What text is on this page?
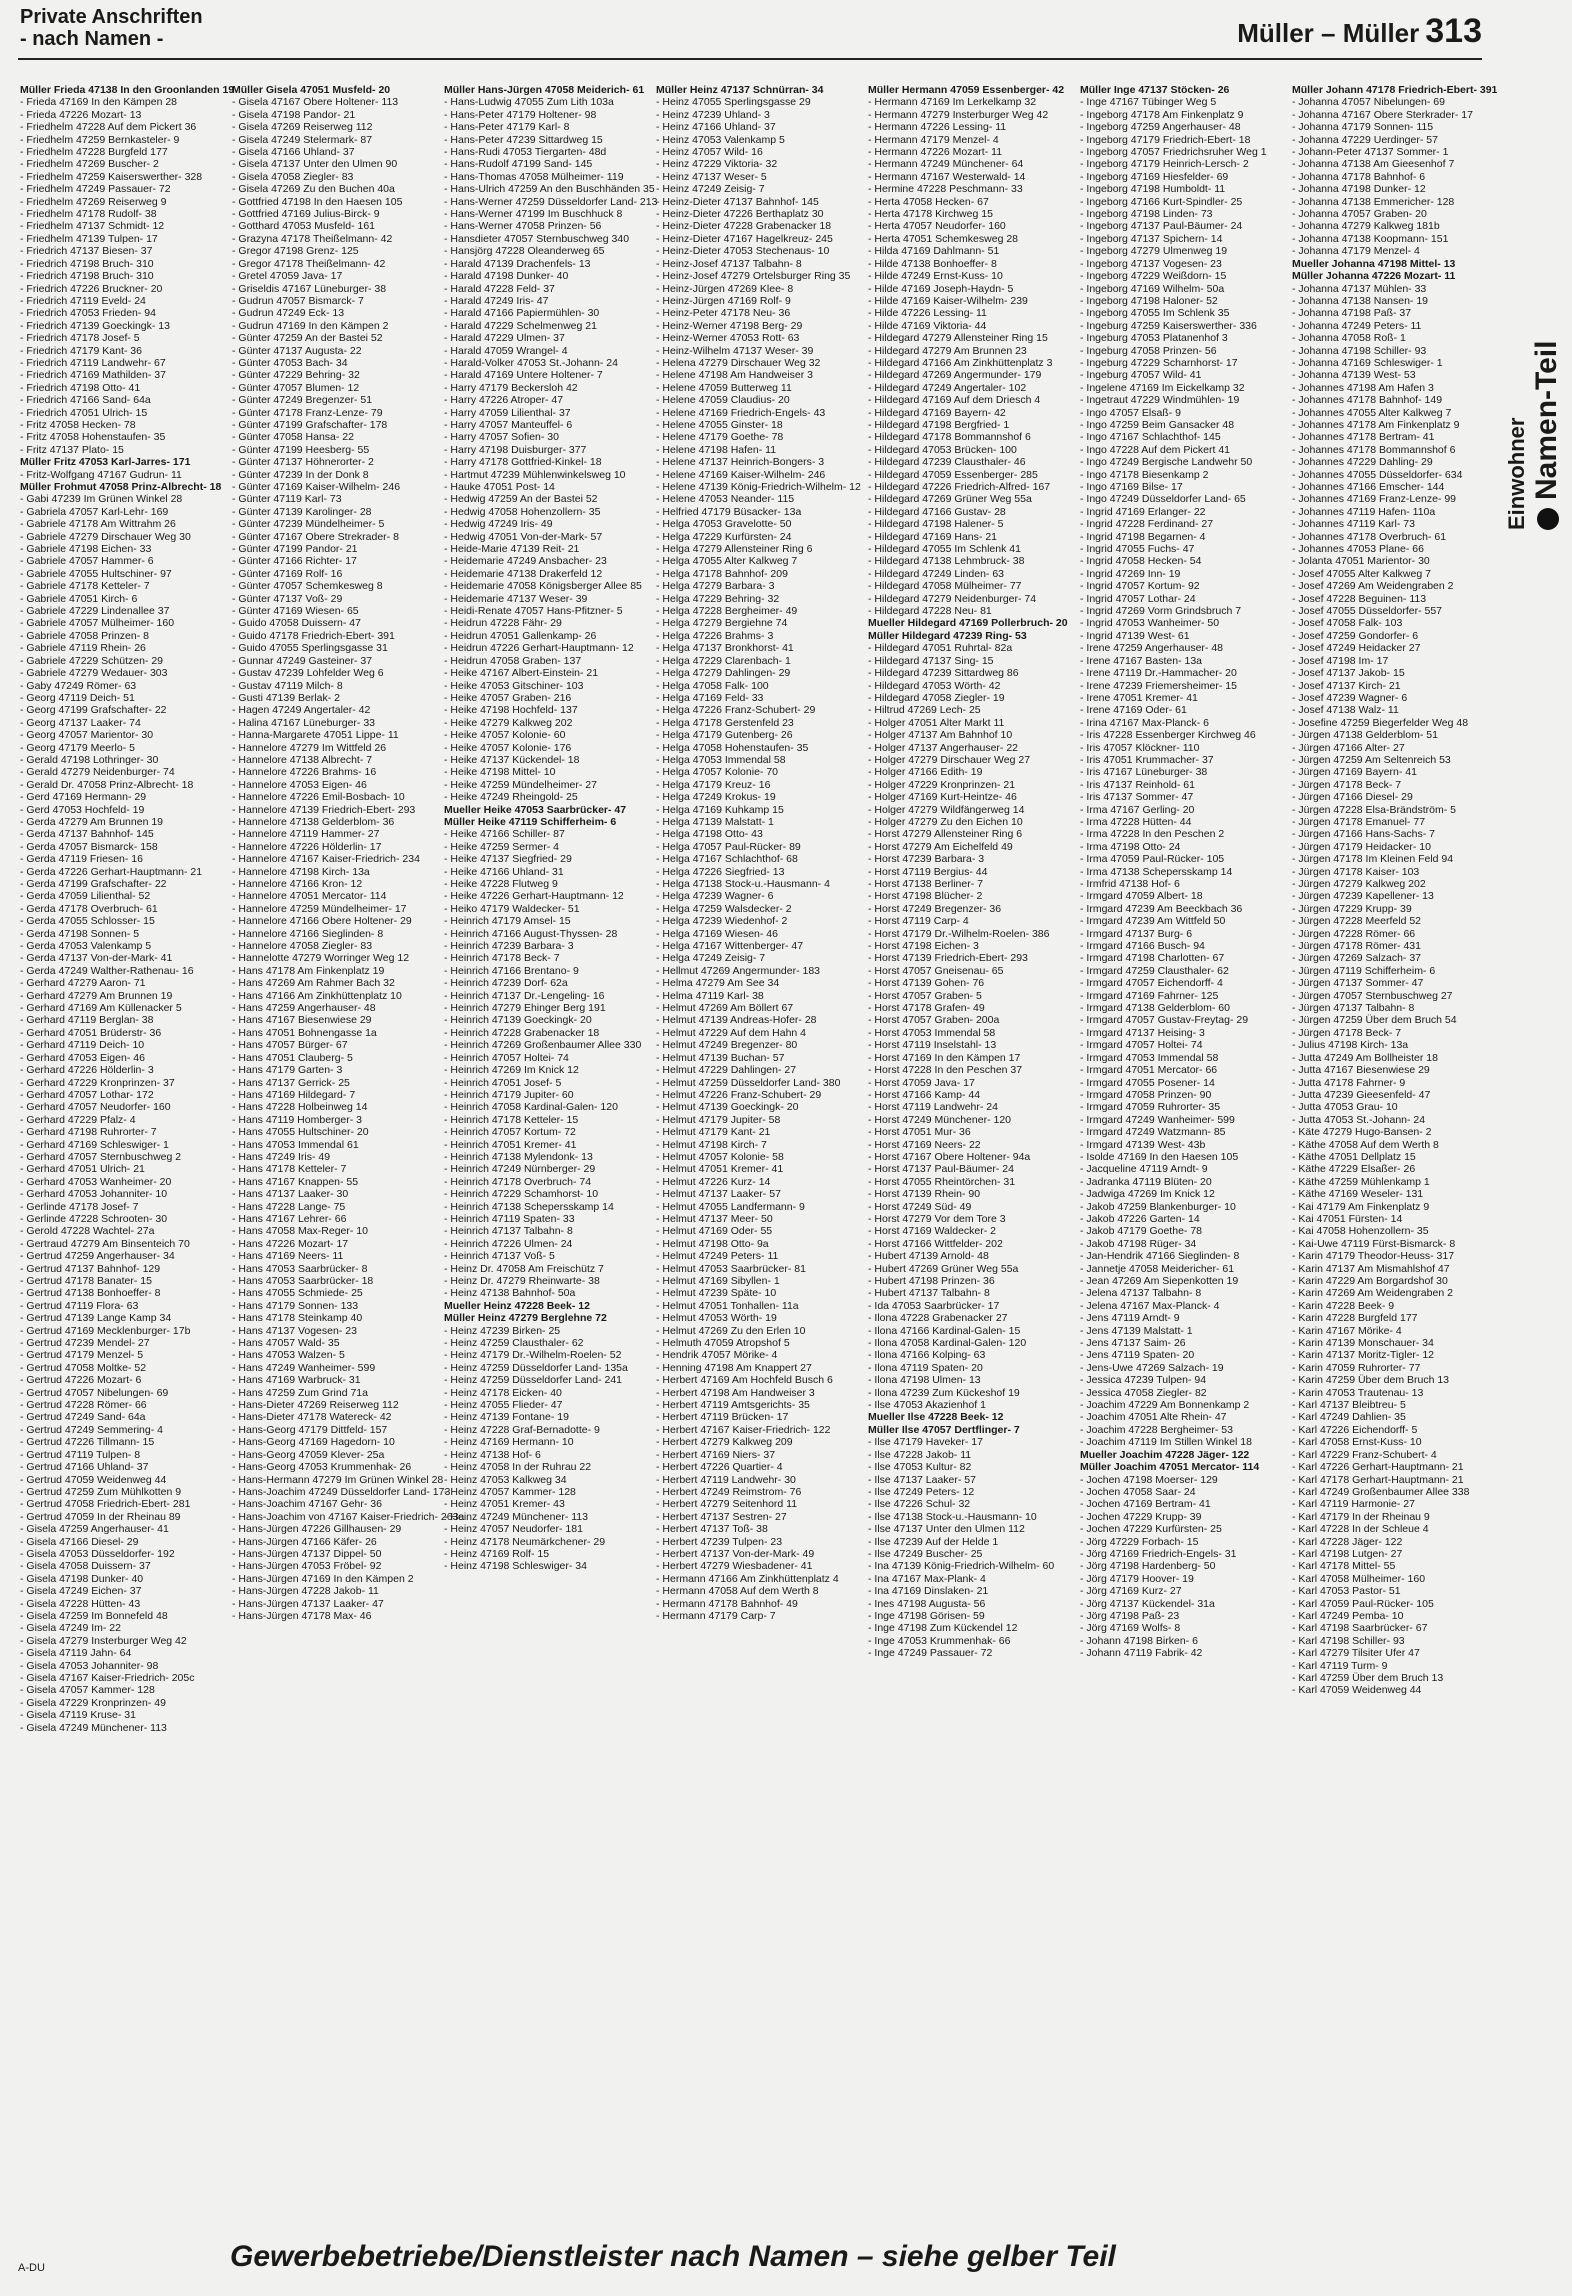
Private Anschriften
- nach Namen -	Müller – Müller 313
Müller Frieda 47138 In den Groonlanden 19
- Frieda 47169 In den Kämpen 28
- Frieda 47226 Mozart- 13
- Friedhelm 47228 Auf dem Pickert 36
- Friedhelm 47259 Bernkasteler- 9
- Friedhelm 47228 Burgfeld 177
- Friedhelm 47269 Buscher- 2
- Friedhelm 47259 Kaiserswerther- 328
- Friedhelm 47249 Passauer- 72
- Friedhelm 47269 Reiserweg 9
- Friedhelm 47178 Rudolf- 38
- Friedhelm 47137 Schmidt- 12
- Friedhelm 47139 Tulpen- 17
- Friedrich 47137 Biesen- 37
- Friedrich 47198 Bruch- 310
- Friedrich 47198 Bruch- 310
- Friedrich 47226 Bruckner- 20
- Friedrich 47119 Eveld- 24
- Friedrich 47053 Frieden- 94
- Friedrich 47139 Goeckingk- 13
- Friedrich 47178 Josef- 5
- Friedrich 47179 Kant- 36
- Friedrich 47119 Landwehr- 67
- Friedrich 47169 Mathilden- 37
- Friedrich 47198 Otto- 41
- Friedrich 47166 Sand- 64a
- Friedrich 47051 Ulrich- 15
- Fritz 47058 Hecken- 78
- Fritz 47058 Hohenstaufen- 35
- Fritz 47137 Plato- 15
Müller Fritz 47053 Karl-Jarres- 171
- Fritz-Wolfgang 47167 Gudrun- 11
Müller Frohmut 47058 Prinz-Albrecht- 18
- Gabi 47239 Im Grünen Winkel 28
- Gabriela 47057 Karl-Lehr- 169
- Gabriele 47178 Am Wittrahm 26
- Gabriele 47279 Dirschauer Weg 30
- Gabriele 47198 Eichen- 33
- Gabriele 47057 Hammer- 6
- Gabriele 47055 Hultschiner- 97
- Gabriele 47178 Ketteler- 7
- Gabriele 47051 Kirch- 6
- Gabriele 47229 Lindenallee 37
- Gabriele 47057 Mülheimer- 160
- Gabriele 47058 Prinzen- 8
- Gabriele 47119 Rhein- 26
- Gabriele 47229 Schützen- 29
- Gabriele 47279 Wedauer- 303
- Gaby 47249 Römer- 63
- Georg 47119 Deich- 51
- Georg 47199 Grafschafter- 22
- Georg 47137 Laaker- 74
- Georg 47057 Marientor- 30
- Georg 47179 Meerlo- 5
- Gerald 47198 Lothringer- 30
- Gerald 47279 Neidenburger- 74
- Gerald Dr. 47058 Prinz-Albrecht- 18
- Gerd 47169 Hermann- 29
- Gerd 47053 Hochfeld- 19
- Gerda 47279 Am Brunnen 19
- Gerda 47137 Bahnhof- 145
- Gerda 47057 Bismarck- 158
- Gerda 47119 Friesen- 16
- Gerda 47226 Gerhart-Hauptmann- 21
- Gerda 47199 Grafschafter- 22
- Gerda 47059 Lilienthal- 52
- Gerda 47178 Overbruch- 61
- Gerda 47055 Schlosser- 15
- Gerda 47198 Sonnen- 5
- Gerda 47053 Valenkamp 5
- Gerda 47137 Von-der-Mark- 41
- Gerda 47249 Walther-Rathenau- 16
- Gerhard 47279 Aaron- 71
- Gerhard 47279 Am Brunnen 19
- Gerhard 47169 Am Küllenacker 5
- Gerhard 47119 Berglan- 38
- Gerhard 47051 Brüderstr- 36
- Gerhard 47119 Deich- 10
- Gerhard 47053 Eigen- 46
- Gerhard 47226 Hölderlin- 3
- Gerhard 47229 Kronprinzen- 37
- Gerhard 47057 Lothar- 172
- Gerhard 47057 Neudorfer- 160
- Gerhard 47229 Pfalz- 4
- Gerhard 47198 Ruhrorter- 7
- Gerhard 47169 Schleswiger- 1
- Gerhard 47057 Sternbuschweg 2
- Gerhard 47051 Ulrich- 21
- Gerhard 47053 Wanheimer- 20
- Gerhard 47053 Johanniter- 10
- Gerlinde 47178 Josef- 7
- Gerlinde 47228 Schrooten- 30
- Gerold 47228 Wachtel- 27a
- Gertraud 47279 Am Binsenteich 70
- Gertrud 47259 Angerhauser- 34
- Gertrud 47137 Bahnhof- 129
- Gertrud 47178 Banater- 15
- Gertrud 47138 Bonhoeffer- 8
- Gertrud 47119 Flora- 63
- Gertrud 47139 Lange Kamp 34
- Gertrud 47169 Mecklenburger- 17b
- Gertrud 47239 Mendel- 27
- Gertrud 47179 Menzel- 5
- Gertrud 47058 Moltke- 52
- Gertrud 47226 Mozart- 6
- Gertrud 47057 Nibelungen- 69
- Gertrud 47228 Römer- 66
- Gertrud 47249 Sand- 64a
- Gertrud 47249 Semmering- 4
- Gertrud 47226 Tillmann- 15
- Gertrud 47119 Tulpen- 8
- Gertrud 47166 Uhland- 37
- Gertrud 47059 Weidenweg 44
- Gertrud 47259 Zum Mühlkotten 9
- Gertrud 47058 Friedrich-Ebert- 281
- Gertrud 47059 In der Rheinau 89
- Gisela 47259 Angerhauser- 41
- Gisela 47166 Diesel- 29
- Gisela 47053 Düsseldorfer- 192
- Gisela 47058 Duissern- 37
- Gisela 47198 Dunker- 40
- Gisela 47249 Eichen- 37
- Gisela 47228 Hütten- 43
- Gisela 47259 Im Bonnefeld 48
- Gisela 47249 Im- 22
- Gisela 47279 Insterburger Weg 42
- Gisela 47119 Jahn- 64
- Gisela 47053 Johanniter- 98
- Gisela 47167 Kaiser-Friedrich- 205c
- Gisela 47057 Kammer- 128
- Gisela 47229 Kronprinzen- 49
- Gisela 47119 Kruse- 31
- Gisela 47249 Münchener- 113
Müller Gisela 47051 Musfeld- 20
- Gisela 47167 Obere Holtener- 113
- Gisela 47198 Pandor- 21
- Gisela 47269 Reiserweg 112
- Gisela 47249 Stelermark- 87
- Gisela 47166 Uhland- 37
- Gisela 47137 Unter den Ulmen 90
- Gisela 47058 Ziegler- 83
- Gisela 47269 Zu den Buchen 40a
- Gottfried 47198 In den Haesen 105
- Gottfried 47169 Julius-Birck- 9
- Gotthard 47053 Musfeld- 161
- Grazyna 47178 Theißelmann- 42
- Gregor 47198 Grenz- 125
- Gregor 47178 Theißelmann- 42
- Gretel 47059 Java- 17
- Griseldis 47167 Lüneburger- 38
- Gudrun 47057 Bismarck- 7
- Gudrun 47249 Eck- 13
- Gudrun 47169 In den Kämpen 2
- Günter 47259 An der Bastei 52
- Günter 47137 Augusta- 22
- Günter 47053 Bach- 34
- Günter 47229 Behring- 32
- Günter 47057 Blumen- 12
- Günter 47249 Bregenzer- 51
- Günter 47178 Franz-Lenze- 79
- Günter 47199 Grafschafter- 178
- Günter 47058 Hansa- 22
- Günter 47199 Heesberg- 55
- Günter 47137 Höhnerorter- 2
- Günter 47239 In der Donk 8
- Günter 47169 Kaiser-Wilhelm- 246
- Günter 47119 Karl- 73
- Günter 47139 Karolinger- 28
- Günter 47239 Mündelheimer- 5
- Günter 47167 Obere Strekrader- 8
- Günter 47199 Pandor- 21
- Günter 47166 Richter- 17
- Günter 47169 Rolf- 16
- Günter 47057 Schemkesweg 8
- Günter 47137 Voß- 29
- Günter 47169 Wiesen- 65
- Guido 47058 Duissern- 47
- Guido 47178 Friedrich-Ebert- 391
- Guido 47055 Sperlingsgasse 31
- Gunnar 47249 Gasteiner- 37
- Gustav 47239 Lohfelder Weg 6
- Gustav 47119 Milch- 8
- Gusti 47139 Berlak- 2
- Hagen 47249 Angertaler- 42
- Halina 47167 Lüneburger- 33
- Hanna-Margarete 47051 Lippe- 11
- Hannelore 47279 Im Wittfeld 26
- Hannelore 47138 Albrecht- 7
- Hannelore 47226 Brahms- 16
- Hannelore 47053 Eigen- 46
- Hannelore 47226 Emil-Bosbach- 10
- Hannelore 47139 Friedrich-Ebert- 293
- Hannelore 47138 Gelderblom- 36
- Hannelore 47119 Hammer- 27
- Hannelore 47226 Hölderlin- 17
- Hannelore 47167 Kaiser-Friedrich- 234
- Hannelore 47198 Kirch- 13a
- Hannelore 47166 Kron- 12
- Hannelore 47051 Mercator- 114
- Hannelore 47259 Mündelheimer- 17
- Hannelore 47166 Obere Holtener- 29
- Hannelore 47166 Sieglinden- 8
- Hannelore 47058 Ziegler- 83
- Hannelotte 47279 Worringer Weg 12
- Hans 47178 Am Finkenplatz 19
- Hans 47269 Am Rahmer Bach 32
- Hans 47166 Am Zinkhüttenplatz 10
- Hans 47259 Angerhauser- 48
- Hans 47167 Biesenwiese 29
- Hans 47051 Bohnengasse 1a
- Hans 47057 Bürger- 67
- Hans 47051 Clauberg- 5
- Hans 47179 Garten- 3
- Hans 47137 Gerrick- 25
- Hans 47169 Hildegard- 7
- Hans 47228 Holbeinweg 14
- Hans 47119 Homberger- 3
- Hans 47055 Hultschiner- 20
- Hans 47053 Immendal 61
- Hans 47249 Iris- 49
- Hans 47178 Ketteler- 7
- Hans 47167 Knappen- 55
- Hans 47137 Laaker- 30
- Hans 47228 Lange- 75
- Hans 47167 Lehrer- 66
- Hans 47058 Max-Reger- 10
- Hans 47226 Mozart- 17
- Hans 47169 Neers- 11
- Hans 47053 Saarbrücker- 8
- Hans 47053 Saarbrücker- 18
- Hans 47055 Schmiede- 25
- Hans 47179 Sonnen- 133
- Hans 47178 Steinkamp 40
- Hans 47137 Vogesen- 23
- Hans 47057 Wald- 35
- Hans 47053 Walzen- 5
- Hans 47249 Wanheimer- 599
- Hans 47169 Warbruck- 31
- Hans 47259 Zum Grind 71a
- Hans-Dieter 47269 Reiserweg 112
- Hans-Dieter 47178 Watereck- 42
- Hans-Georg 47179 Dittfeld- 157
- Hans-Georg 47169 Hagedorn- 10
- Hans-Georg 47059 Klever- 25a
- Hans-Georg 47053 Krummenhak- 26
- Hans-Hermann 47279 Im Grünen Winkel 28
- Hans-Joachim 47249 Düsseldorfer Land- 173
- Hans-Joachim 47167 Gehr- 36
- Hans-Joachim von 47167 Kaiser-Friedrich- 263a
- Hans-Jürgen 47226 Gillhausen- 29
- Hans-Jürgen 47166 Käfer- 26
- Hans-Jürgen 47137 Dippel- 50
- Hans-Jürgen 47053 Fröbel- 92
- Hans-Jürgen 47169 In den Kämpen 2
- Hans-Jürgen 47228 Jakob- 11
- Hans-Jürgen 47137 Laaker- 47
- Hans-Jürgen 47178 Max- 46
Müller Hans-Jürgen 47058 Meiderich- 61
- Hans-Ludwig 47055 Zum Lith 103a
- Hans-Peter 47179 Holtener- 98
- Hans-Peter 47179 Karl- 8
- Hans-Peter 47239 Sittardweg 15
- Hans-Rudi 47053 Tiergarten- 48d
- Hans-Rudolf 47199 Sand- 145
- Hans-Thomas 47058 Mülheimer- 119
- Hans-Ulrich 47259 An den Buschhänden 35
- Hans-Werner 47259 Düsseldorfer Land- 213
- Hans-Werner 47199 Im Buschhuck 8
- Hans-Werner 47058 Prinzen- 56
- Hansdieter 47057 Sternbuschweg 340
- Hansjörg 47228 Oleanderweg 65
- Harald 47139 Drachenfels- 13
- Harald 47198 Dunker- 40
- Harald 47228 Feld- 37
- Harald 47249 Iris- 47
- Harald 47166 Papiermühlen- 30
- Harald 47229 Schelmenweg 21
- Harald 47229 Ulmen- 37
- Harald 47059 Wrangel- 4
- Harald-Volker 47053 St.-Johann- 24
- Harald 47169 Untere Holtener- 7
- Harry 47179 Beckersloh 42
- Harry 47226 Atroper- 47
- Harry 47059 Lilienthal- 37
- Harry 47057 Manteuffel- 6
- Harry 47057 Sofien- 30
- Harry 47198 Duisburger- 377
- Harry 47178 Gottfried-Kinkel- 18
- Hartmut 47239 Mühlenwinkelsweg 10
- Hauke 47051 Post- 14
- Hedwig 47259 An der Bastei 52
- Hedwig 47058 Hohenzollern- 35
- Hedwig 47249 Iris- 49
- Hedwig 47051 Von-der-Mark- 57
- Heide-Marie 47139 Reit- 21
- Heidemarie 47249 Ansbacher- 23
- Heidemarie 47138 Drakerfeld 12
- Heidemarie 47058 Königsberger Allee 85
- Heidemarie 47137 Weser- 39
- Heidi-Renate 47057 Hans-Pfitzner- 5
- Heidrun 47228 Fähr- 29
- Heidrun 47051 Gallenkamp- 26
- Heidrun 47226 Gerhart-Hauptmann- 12
- Heidrun 47058 Graben- 137
- Heike 47167 Albert-Einstein- 21
- Heike 47053 Gitschiner- 103
- Heike 47057 Graben- 216
- Heike 47198 Hochfeld- 137
- Heike 47279 Kalkweg 202
- Heike 47057 Kolonie- 60
- Heike 47057 Kolonie- 176
- Heike 47137 Kückendel- 18
- Heike 47198 Mittel- 10
- Heike 47259 Mündelheimer- 27
- Heike 47249 Rheingold- 25
Mueller Heike 47053 Saarbrücker- 47
Müller Heike 47119 Schifferheim- 6
- Heike 47166 Schiller- 87
- Heike 47259 Sermer- 4
- Heike 47137 Siegfried- 29
- Heike 47166 Uhland- 31
- Heike 47228 Flutweg 9
- Heike 47226 Gerhart-Hauptmann- 12
- Heiko 47179 Waldecker- 51
- Heinrich 47179 Amsel- 15
- Heinrich 47166 August-Thyssen- 28
- Heinrich 47239 Barbara- 3
- Heinrich 47178 Beck- 7
- Heinrich 47166 Brentano- 9
- Heinrich 47239 Dorf- 62a
- Heinrich 47137 Dr.-Lengeling- 16
- Heinrich 47279 Ehinger Berg 191
- Heinrich 47139 Goeckingk- 20
- Heinrich 47228 Grabenacker 18
- Heinrich 47269 Großenbaumer Allee 330
- Heinrich 47057 Holtei- 74
- Heinrich 47269 Im Knick 12
- Heinrich 47051 Josef- 5
- Heinrich 47179 Jupiter- 60
- Heinrich 47058 Kardinal-Galen- 120
- Heinrich 47178 Ketteler- 15
- Heinrich 47057 Kortum- 72
- Heinrich 47051 Kremer- 41
- Heinrich 47138 Mylendonk- 13
- Heinrich 47249 Nürnberger- 29
- Heinrich 47178 Overbruch- 74
- Heinrich 47229 Schamhorst- 10
- Heinrich 47138 Schepersskamp 14
- Heinrich 47119 Spaten- 33
- Heinrich 47137 Talbahn- 8
- Heinrich 47226 Ulmen- 24
- Heinrich 47137 Voß- 5
- Heinz Dr. 47058 Am Freischütz 7
- Heinz Dr. 47279 Rheinwarte- 38
- Heinz 47138 Bahnhof- 50a
Mueller Heinz 47228 Beek- 12
Müller Heinz 47279 Berglehne 72
- Heinz 47239 Birken- 25
- Heinz 47259 Clausthaler- 62
- Heinz 47179 Dr.-Wilhelm-Roelen- 52
- Heinz 47259 Düsseldorfer Land- 135a
- Heinz 47259 Düsseldorfer Land- 241
- Heinz 47178 Eicken- 40
- Heinz 47055 Flieder- 47
- Heinz 47139 Fontane- 19
- Heinz 47228 Graf-Bernadotte- 9
- Heinz 47169 Hermann- 10
- Heinz 47138 Hof- 6
- Heinz 47058 In der Ruhrau 22
- Heinz 47053 Kalkweg 34
- Heinz 47057 Kammer- 128
- Heinz 47051 Kremer- 43
- Heinz 47249 Münchener- 113
- Heinz 47057 Neudorfer- 181
- Heinz 47178 Neumärkchener- 29
- Heinz 47169 Rolf- 15
- Heinz 47198 Schleswiger- 34
Müller Heinz 47137 Schnürran- 34
- Heinz 47055 Sperlingsgasse 29
- Heinz 47239 Uhland- 3
- Heinz 47166 Uhland- 37
- Heinz 47053 Valenkamp 5
- Heinz 47057 Wild- 16
- Heinz 47229 Viktoria- 32
- Heinz 47137 Weser- 5
- Heinz 47249 Zeisig- 7
- Heinz-Dieter 47137 Bahnhof- 145
- Heinz-Dieter 47226 Berthaplatz 30
- Heinz-Dieter 47228 Grabenacker 18
- Heinz-Dieter 47167 Hagelkreuz- 245
- Heinz-Dieter 47053 Stechenaus- 10
- Heinz-Josef 47137 Talbahn- 8
- Heinz-Josef 47279 Ortelsburger Ring 35
- Heinz-Jürgen 47269 Klee- 8
- Heinz-Jürgen 47169 Rolf- 9
- Heinz-Peter 47178 Neu- 36
- Heinz-Werner 47198 Berg- 29
- Heinz-Werner 47053 Rott- 63
- Heinz-Wilhelm 47137 Weser- 39
- Helena 47279 Dirschauer Weg 32
- Helene 47198 Am Handweiser 3
- Helene 47059 Butterweg 11
- Helene 47059 Claudius- 20
- Helene 47169 Friedrich-Engels- 43
- Helene 47055 Ginster- 18
- Helene 47179 Goethe- 78
- Helene 47198 Hafen- 11
- Helene 47137 Heinrich-Bongers- 3
- Helene 47169 Kaiser-Wilhelm- 246
- Helene 47139 König-Friedrich-Wilhelm- 12
- Helene 47053 Neander- 115
- Helfried 47179 Büsacker- 13a
- Helga 47053 Gravelotte- 50
- Helga 47229 Kurfürsten- 24
- Helga 47279 Allensteiner Ring 6
- Helga 47055 Alter Kalkweg 7
- Helga 47178 Bahnhof- 209
- Helga 47279 Barbara- 3
- Helga 47229 Behring- 32
- Helga 47228 Bergheimer- 49
- Helga 47279 Bergiehne 74
- Helga 47226 Brahms- 3
- Helga 47137 Bronkhorst- 41
- Helga 47229 Clarenbach- 1
- Helga 47279 Dahlingen- 29
- Helga 47058 Falk- 100
- Helga 47169 Feld- 33
- Helga 47226 Franz-Schubert- 29
- Helga 47178 Gerstenfeld 23
- Helga 47179 Gutenberg- 26
- Helga 47058 Hohenstaufen- 35
- Helga 47053 Immendal 58
- Helga 47057 Kolonie- 70
- Helga 47179 Kreuz- 16
- Helga 47249 Krokus- 19
- Helga 47169 Kuhkamp 15
- Helga 47139 Malstatt- 1
- Helga 47198 Otto- 43
- Helga 47057 Paul-Rücker- 89
- Helga 47167 Schlachthof- 68
- Helga 47226 Siegfried- 13
- Helga 47138 Stock-u.-Hausmann- 4
- Helga 47239 Wagner- 6
- Helga 47259 Walsdecker- 2
- Helga 47239 Wiedenhof- 2
- Helga 47169 Wiesen- 46
- Helga 47167 Wittenberger- 47
- Helga 47249 Zeisig- 7
- Hellmut 47269 Angermunder- 183
- Helma 47279 Am See 34
- Helma 47119 Karl- 38
- Helmut 47269 Am Böllert 67
- Helmut 47139 Andreas-Hofer- 28
- Helmut 47229 Auf dem Hahn 4
- Helmut 47249 Bregenzer- 80
- Helmut 47139 Buchan- 57
- Helmut 47229 Dahlingen- 27
- Helmut 47259 Düsseldorfer Land- 380
- Helmut 47226 Franz-Schubert- 29
- Helmut 47139 Goeckingk- 20
- Helmut 47179 Jupiter- 58
- Helmut 47179 Kant- 21
- Helmut 47198 Kirch- 7
- Helmut 47057 Kolonie- 58
- Helmut 47051 Kremer- 41
- Helmut 47226 Kurz- 14
- Helmut 47137 Laaker- 57
- Helmut 47055 Landfermann- 9
- Helmut 47137 Meer- 50
- Helmut 47169 Oder- 55
- Helmut 47198 Otto- 9a
- Helmut 47249 Peters- 11
- Helmut 47053 Saarbrücker- 81
- Helmut 47169 Sibyllen- 1
- Helmut 47239 Späte- 10
- Helmut 47051 Tonhallen- 11a
- Helmut 47053 Wörth- 19
- Helmut 47269 Zu den Erlen 10
- Helmuth 47059 Atropshof 5
- Hendrik 47057 Mörike- 4
- Henning 47198 Am Knappert 27
- Herbert 47169 Am Hochfeld Busch 6
- Herbert 47198 Am Handweiser 3
- Herbert 47119 Amtsgerichts- 35
- Herbert 47119 Brücken- 17
- Herbert 47167 Kaiser-Friedrich- 122
- Herbert 47279 Kalkweg 209
- Herbert 47169 Niers- 37
- Herbert 47226 Quartier- 4
- Herbert 47119 Landwehr- 30
- Herbert 47249 Reimstrom- 76
- Herbert 47279 Seitenhord 11
- Herbert 47137 Sestren- 27
- Herbert 47137 Toß- 38
- Herbert 47239 Tulpen- 23
- Herbert 47137 Von-der-Mark- 49
- Herbert 47279 Wiesbadener- 41
- Hermann 47166 Am Zinkhüttenplatz 4
- Hermann 47058 Auf dem Werth 8
- Hermann 47178 Bahnhof- 49
- Hermann 47179 Carp- 7
Müller Hermann 47059 Essenberger- 42
- Hermann 47169 Im Lerkelkamp 32
- Hermann 47279 Insterburger Weg 42
- Hermann 47226 Lessing- 11
- Hermann 47179 Menzel- 4
- Hermann 47226 Mozart- 11
- Hermann 47249 Münchener- 64
- Hermann 47167 Westerwald- 14
- Hermine 47228 Peschmann- 33
- Herta 47058 Hecken- 67
- Herta 47178 Kirchweg 15
- Herta 47057 Neudorfer- 160
- Herta 47051 Schemkesweg 28
- Hilda 47169 Dahlmann- 51
- Hilde 47138 Bonhoeffer- 8
- Hilde 47249 Ernst-Kuss- 10
- Hilde 47169 Joseph-Haydn- 5
- Hilde 47169 Kaiser-Wilhelm- 239
- Hilde 47226 Lessing- 11
- Hilde 47169 Viktoria- 44
- Hildegard 47279 Allensteiner Ring 15
- Hildegard 47279 Am Brunnen 23
- Hildegard 47166 Am Zinkhüttenplatz 3
- Hildegard 47269 Angermunder- 179
- Hildegard 47249 Angertaler- 102
- Hildegard 47169 Auf dem Driesch 4
- Hildegard 47169 Bayern- 42
- Hildegard 47198 Bergfried- 1
- Hildegard 47178 Bommannshof 6
- Hildegard 47053 Brücken- 100
- Hildegard 47239 Clausthaler- 46
- Hildegard 47059 Essenberger- 285
- Hildegard 47226 Friedrich-Alfred- 167
- Hildegard 47269 Grüner Weg 55a
- Hildegard 47166 Gustav- 28
- Hildegard 47198 Halener- 5
- Hildegard 47169 Hans- 21
- Hildegard 47055 Im Schlenk 41
- Hildegard 47138 Lehmbruck- 38
- Hildegard 47249 Linden- 63
- Hildegard 47058 Mülheimer- 77
- Hildegard 47279 Neidenburger- 74
- Hildegard 47228 Neu- 81
Mueller Hildegard 47169 Pollerbruch- 20
Müller Hildegard 47239 Ring- 53
- Hildegard 47051 Ruhrtal- 82a
- Hildegard 47137 Sing- 15
- Hildegard 47239 Sittardweg 86
- Hildegard 47053 Wörth- 42
- Hildegard 47058 Ziegler- 19
- Hiltrud 47269 Lech- 25
- Holger 47051 Alter Markt 11
- Holger 47137 Am Bahnhof 10
- Holger 47137 Angerhauser- 22
- Holger 47279 Dirschauer Weg 27
- Holger 47166 Edith- 19
- Holger 47229 Kronprinzen- 21
- Holger 47169 Kurt-Heintze- 46
- Holger 47279 Wildfängerweg 14
- Holger 47279 Zu den Eichen 10
- Horst 47279 Allensteiner Ring 6
- Horst 47279 Am Eichelfeld 49
- Horst 47239 Barbara- 3
- Horst 47119 Bergius- 44
- Horst 47138 Berliner- 7
- Horst 47198 Blücher- 2
- Horst 47249 Bregenzer- 36
- Horst 47119 Carp- 4
- Horst 47179 Dr.-Wilhelm-Roelen- 386
- Horst 47198 Eichen- 3
- Horst 47139 Friedrich-Ebert- 293
- Horst 47057 Gneisenau- 65
- Horst 47139 Gohen- 76
- Horst 47057 Graben- 5
- Horst 47178 Grafen- 49
- Horst 47057 Graben- 200a
- Horst 47053 Immendal 58
- Horst 47119 Inselstahl- 13
- Horst 47169 In den Kämpen 17
- Horst 47228 In den Peschen 37
- Horst 47059 Java- 17
- Horst 47166 Kamp- 44
- Horst 47119 Landwehr- 24
- Horst 47249 Münchener- 120
- Horst 47051 Mur- 36
- Horst 47169 Neers- 22
- Horst 47167 Obere Holtener- 94a
- Horst 47137 Paul-Bäumer- 24
- Horst 47055 Rheintörchen- 31
- Horst 47139 Rhein- 90
- Horst 47249 Süd- 49
- Horst 47279 Vor dem Tore 3
- Horst 47169 Waldecker- 2
- Horst 47166 Wittfelder- 202
- Hubert 47139 Arnold- 48
- Hubert 47269 Grüner Weg 55a
- Hubert 47198 Prinzen- 36
- Hubert 47137 Talbahn- 8
- Ida 47053 Saarbrücker- 17
- Ilona 47228 Grabenacker 27
- Ilona 47166 Kardinal-Galen- 15
- Ilona 47058 Kardinal-Galen- 120
- Ilona 47166 Kolping- 63
- Ilona 47119 Spaten- 20
- Ilona 47198 Ulmen- 13
- Ilona 47239 Zum Kückeshof 19
- Ilse 47053 Akazienhof 1
Mueller Ilse 47228 Beek- 12
Müller Ilse 47057 Dertflinger- 7
- Ilse 47179 Haveker- 17
- Ilse 47228 Jakob- 11
- Ilse 47053 Kultur- 82
- Ilse 47137 Laaker- 57
- Ilse 47249 Peters- 12
- Ilse 47226 Schul- 32
- Ilse 47138 Stock-u.-Hausmann- 10
- Ilse 47137 Unter den Ulmen 112
- Ilse 47239 Auf der Helde 1
- Ilse 47249 Buscher- 25
- Ina 47139 König-Friedrich-Wilhelm- 60
- Ina 47167 Max-Plank- 4
- Ina 47169 Dinslaken- 21
- Ines 47198 Augusta- 56
- Inge 47198 Görisen- 59
- Inge 47198 Zum Kückendel 12
- Inge 47053 Krummenhak- 66
- Inge 47249 Passauer- 72
Müller Inge 47137 Stöcken- 26
- Inge 47167 Tübinger Weg 5
- Ingeborg 47178 Am Finkenplatz 9
- Ingeborg 47259 Angerhauser- 48
- Ingeborg 47179 Friedrich-Ebert- 18
- Ingeborg 47057 Friedrichsruher Weg 1
- Ingeborg 47179 Heinrich-Lersch- 2
- Ingeborg 47169 Hiesfelder- 69
- Ingeborg 47198 Humboldt- 11
- Ingeborg 47166 Kurt-Spindler- 25
- Ingeborg 47198 Linden- 73
- Ingeborg 47137 Paul-Bäumer- 24
- Ingeborg 47137 Spichern- 14
- Ingeborg 47279 Ulmenweg 19
- Ingeborg 47137 Vogesen- 23
- Ingeborg 47229 Weißdorn- 15
- Ingeborg 47169 Wilhelm- 50a
- Ingeborg 47198 Haloner- 52
- Ingeborg 47055 Im Schlenk 35
- Ingeburg 47259 Kaiserswerther- 336
- Ingeburg 47053 Platanenhof 3
- Ingeburg 47058 Prinzen- 56
- Ingeburg 47229 Scharnhorst- 17
- Ingeburg 47057 Wild- 41
- Ingelene 47169 Im Eickelkamp 32
- Ingetraut 47229 Windmühlen- 19
- Ingo 47057 Elsaß- 9
- Ingo 47259 Beim Gansacker 48
- Ingo 47167 Schlachthof- 145
- Ingo 47228 Auf dem Pickert 41
- Ingo 47249 Bergische Landwehr 50
- Ingo 47178 Biesenkamp 2
- Ingo 47169 Bilse- 17
- Ingo 47249 Düsseldorfer Land- 65
- Ingrid 47169 Erlanger- 22
- Ingrid 47228 Ferdinand- 27
- Ingrid 47198 Begarnen- 4
- Ingrid 47055 Fuchs- 47
- Ingrid 47058 Hecken- 54
- Ingrid 47269 Inn- 19
- Ingrid 47057 Kortum- 92
- Ingrid 47057 Lothar- 24
- Ingrid 47269 Vorm Grindsbruch 7
- Ingrid 47053 Wanheimer- 50
- Ingrid 47139 West- 61
- Irene 47259 Angerhauser- 48
- Irene 47167 Basten- 13a
- Irene 47119 Dr.-Hammacher- 20
- Irene 47239 Friemersheimer- 15
- Irene 47051 Kremer- 41
- Irene 47169 Oder- 61
- Irina 47167 Max-Planck- 6
- Iris 47228 Essenberger Kirchweg 46
- Iris 47057 Klöckner- 110
- Iris 47051 Krummacher- 37
- Iris 47167 Lüneburger- 38
- Iris 47137 Reinhold- 61
- Iris 47137 Sommer- 47
- Irma 47167 Gerling- 20
- Irma 47228 Hütten- 44
- Irma 47228 In den Peschen 2
- Irma 47198 Otto- 24
- Irma 47059 Paul-Rücker- 105
- Irma 47138 Schepersskamp 14
- Irmfrid 47138 Hof- 6
- Irmgard 47059 Albert- 18
- Irmgard 47239 Am Beeckbach 36
- Irmgard 47239 Am Wittfeld 50
- Irmgard 47137 Burg- 6
- Irmgard 47166 Busch- 94
- Irmgard 47198 Charlotten- 67
- Irmgard 47259 Clausthaler- 62
- Irmgard 47057 Eichendorff- 4
- Irmgard 47169 Fahrner- 125
- Irmgard 47138 Gelderblom- 60
- Irmgard 47057 Gustav-Freytag- 29
- Irmgard 47137 Heising- 3
- Irmgard 47057 Holtei- 74
- Irmgard 47053 Immendal 58
- Irmgard 47051 Mercator- 66
- Irmgard 47055 Posener- 14
- Irmgard 47058 Prinzen- 90
- Irmgard 47059 Ruhrorter- 35
- Irmgard 47249 Wanheimer- 599
- Irmgard 47249 Watzmann- 85
- Irmgard 47139 West- 43b
- Isolde 47169 In den Haesen 105
- Jacqueline 47119 Arndt- 9
- Jadranka 47119 Blüten- 20
- Jadwiga 47269 Im Knick 12
- Jakob 47259 Blankenburger- 10
- Jakob 47226 Garten- 14
- Jakob 47179 Goethe- 78
- Jakob 47198 Rüger- 34
- Jan-Hendrik 47166 Sieglinden- 8
- Jannetje 47058 Meidericher- 61
- Jean 47269 Am Siepenkotten 19
- Jelena 47137 Talbahn- 8
- Jelena 47167 Max-Planck- 4
- Jens 47119 Arndt- 9
- Jens 47139 Malstatt- 1
- Jens 47137 Saim- 26
- Jens 47119 Spaten- 20
- Jens-Uwe 47269 Salzach- 19
- Jessica 47239 Tulpen- 94
- Jessica 47058 Ziegler- 82
- Joachim 47229 Am Bonnenkamp 2
- Joachim 47051 Alte Rhein- 47
- Joachim 47228 Bergheimer- 53
- Joachim 47119 Im Stillen Winkel 18
Mueller Joachim 47228 Jäger- 122
Müller Joachim 47051 Mercator- 114
- Jochen 47198 Moerser- 129
- Jochen 47058 Saar- 24
- Jochen 47169 Bertram- 41
- Jochen 47229 Krupp- 39
- Jochen 47229 Kurfürsten- 25
- Jörg 47229 Forbach- 15
- Jörg 47169 Friedrich-Engels- 31
- Jörg 47198 Hardenberg- 50
- Jörg 47179 Hoover- 19
- Jörg 47169 Kurz- 27
- Jörg 47137 Kückendel- 31a
- Jörg 47198 Paß- 23
- Jörg 47169 Wolfs- 8
- Johann 47198 Birken- 6
- Johann 47119 Fabrik- 42
Müller Johann 47178 Friedrich-Ebert- 391
- Johanna 47057 Nibelungen- 69
- Johanna 47167 Obere Sterkrader- 17
- Johanna 47179 Sonnen- 115
- Johanna 47229 Uerdinger- 57
- Johann-Peter 47137 Sommer- 1
- Johanna 47138 Am Gieesenhof 7
- Johanna 47178 Bahnhof- 6
- Johanna 47198 Dunker- 12
- Johanna 47138 Emmericher- 128
- Johanna 47057 Graben- 20
- Johanna 47279 Kalkweg 181b
- Johanna 47138 Koopmann- 151
- Johanna 47179 Menzel- 4
Mueller Johanna 47198 Mittel- 13
Müller Johanna 47226 Mozart- 11
- Johanna 47137 Mühlen- 33
- Johanna 47138 Nansen- 19
- Johanna 47198 Paß- 37
- Johanna 47249 Peters- 11
- Johanna 47058 Roß- 1
- Johanna 47198 Schiller- 93
- Johanna 47169 Schleswiger- 1
- Johanna 47139 West- 53
- Johannes 47198 Am Hafen 3
- Johannes 47178 Bahnhof- 149
- Johannes 47055 Alter Kalkweg 7
- Johannes 47178 Am Finkenplatz 9
- Johannes 47178 Bertram- 41
- Johannes 47178 Bommannshof 6
- Johannes 47229 Dahling- 29
- Johannes 47055 Düsseldorfer- 634
- Johannes 47166 Emscher- 144
- Johannes 47169 Franz-Lenze- 99
- Johannes 47119 Hafen- 110a
- Johannes 47119 Karl- 73
- Johannes 47178 Overbruch- 61
- Johannes 47053 Plane- 66
- Jolanta 47051 Marientor- 30
- Josef 47055 Alter Kalkweg 7
- Josef 47269 Am Weidengraben 2
- Josef 47228 Beguinen- 113
- Josef 47055 Düsseldorfer- 557
- Josef 47058 Falk- 103
- Josef 47259 Gondorfer- 6
- Josef 47249 Heidacker 27
- Josef 47198 Im- 17
- Josef 47137 Jakob- 15
- Josef 47137 Kirch- 21
- Josef 47239 Wagner- 6
- Josef 47138 Walz- 11
- Josefine 47259 Biegerfelder Weg 48
- Jürgen 47138 Gelderblom- 51
- Jürgen 47166 Alter- 27
- Jürgen 47259 Am Seltenreich 53
- Jürgen 47169 Bayern- 41
- Jürgen 47178 Beck- 7
- Jürgen 47166 Diesel- 29
- Jürgen 47228 Elsa-Brändström- 5
- Jürgen 47178 Emanuel- 77
- Jürgen 47166 Hans-Sachs- 7
- Jürgen 47179 Heidacker- 10
- Jürgen 47178 Im Kleinen Feld 94
- Jürgen 47178 Kaiser- 103
- Jürgen 47279 Kalkweg 202
- Jürgen 47239 Kapellener- 13
- Jürgen 47229 Krupp- 39
- Jürgen 47228 Meerfeld 52
- Jürgen 47228 Römer- 66
- Jürgen 47178 Römer- 431
- Jürgen 47269 Salzach- 37
- Jürgen 47119 Schifferheim- 6
- Jürgen 47137 Sommer- 47
- Jürgen 47057 Sternbuschweg 27
- Jürgen 47137 Talbahn- 8
- Jürgen 47259 Über dem Bruch 54
- Jürgen 47178 Beck- 7
- Julius 47198 Kirch- 13a
- Jutta 47249 Am Bollheister 18
- Jutta 47167 Biesenwiese 29
- Jutta 47178 Fahrner- 9
- Jutta 47239 Gieesenfeld- 47
- Jutta 47053 Grau- 10
- Jutta 47053 St.-Johann- 24
- Käte 47279 Hugo-Bansen- 2
- Käthe 47058 Auf dem Werth 8
- Käthe 47051 Dellplatz 15
- Käthe 47229 Elsaßer- 26
- Käthe 47259 Mühlenkamp 1
- Käthe 47169 Weseler- 131
- Kai 47179 Am Finkenplatz 9
- Kai 47051 Fürsten- 14
- Kai 47058 Hohenzollern- 35
- Kai-Uwe 47119 Fürst-Bismarck- 8
- Karin 47179 Theodor-Heuss- 317
- Karin 47137 Am Mismahlshof 47
- Karin 47229 Am Borgardshof 30
- Karin 47269 Am Weidengraben 2
- Karin 47228 Beek- 9
- Karin 47228 Burgfeld 177
- Karin 47167 Mörike- 4
- Karin 47139 Monschauer- 34
- Karin 47137 Moritz-Tigler- 12
- Karin 47059 Ruhrorter- 77
- Karin 47259 Über dem Bruch 13
- Karin 47053 Trautenau- 13
- Karl 47137 Bleibtreu- 5
- Karl 47249 Dahlien- 35
- Karl 47226 Eichendorff- 5
- Karl 47058 Ernst-Kuss- 10
- Karl 47229 Franz-Schubert- 4
- Karl 47226 Gerhart-Hauptmann- 21
- Karl 47178 Gerhart-Hauptmann- 21
- Karl 47249 Großenbaumer Allee 338
- Karl 47119 Harmonie- 27
- Karl 47179 In der Rheinau 9
- Karl 47228 In der Schleue 4
- Karl 47228 Jäger- 122
- Karl 47198 Lutgen- 27
- Karl 47178 Mittel- 55
- Karl 47058 Mülheimer- 160
- Karl 47053 Pastor- 51
- Karl 47059 Paul-Rücker- 105
- Karl 47249 Pemba- 10
- Karl 47198 Saarbrücker- 67
- Karl 47198 Schiller- 93
- Karl 47279 Tilsiter Ufer 47
- Karl 47119 Turm- 9
- Karl 47259 Über dem Bruch 13
- Karl 47059 Weidenweg 44
Einwohner Namen-Teil
A-DU	Gewerbebetriebe/Dienstleister nach Namen – siehe gelber Teil
